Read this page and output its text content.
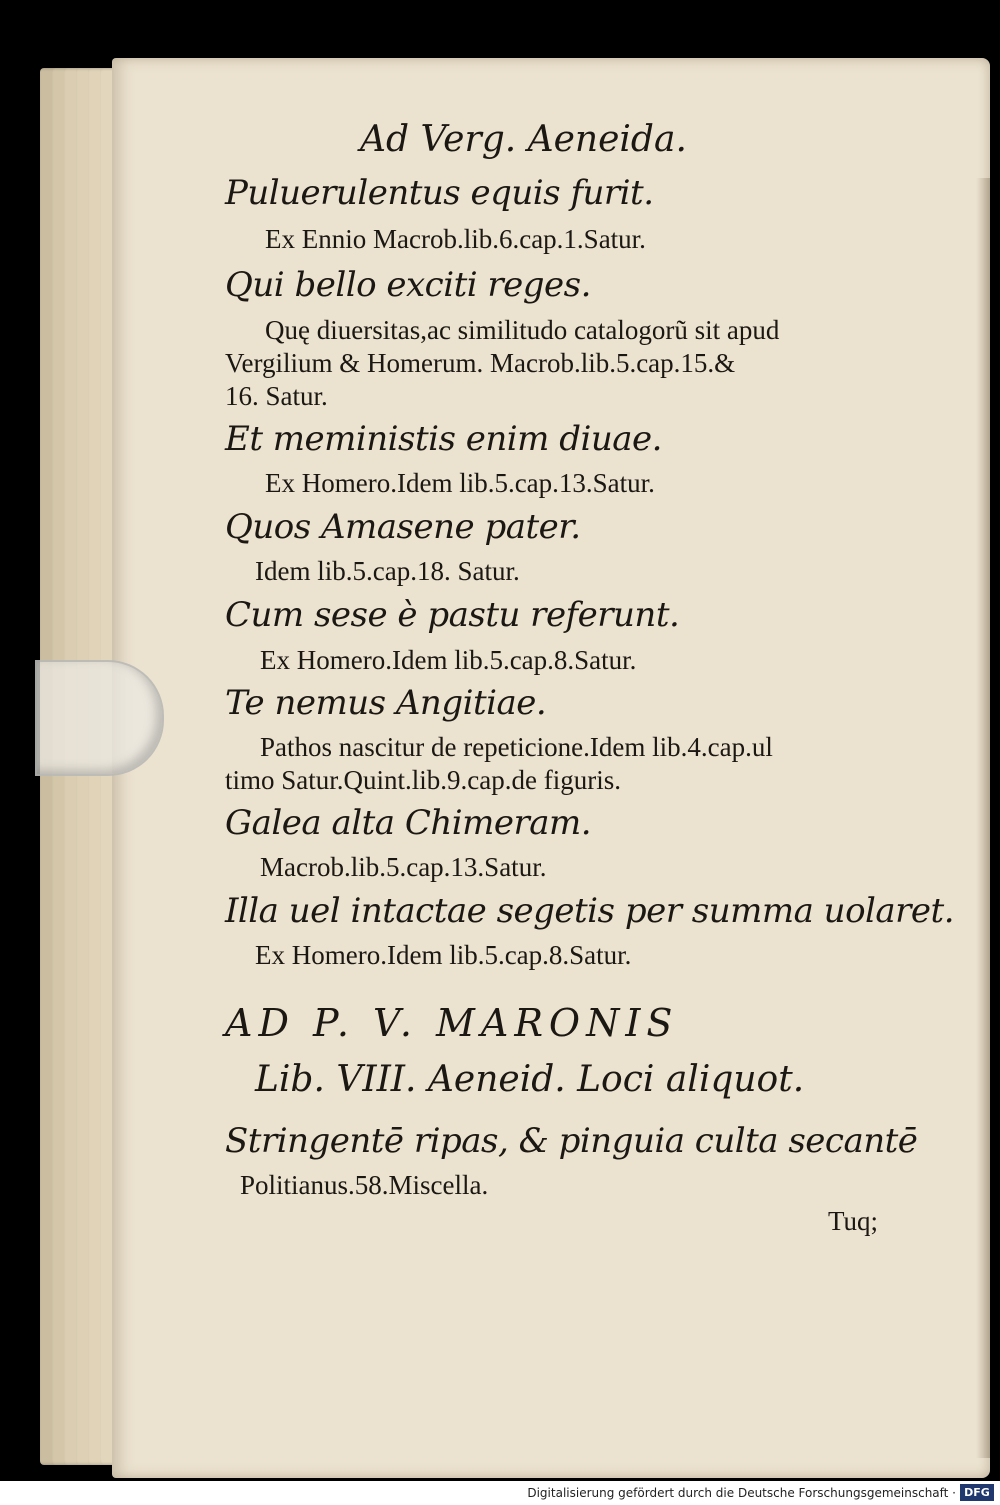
Ad Verg. Aeneida.
Puluerulentus equis furit.
Ex Ennio Macrob.lib.6.cap.1.Satur.
Qui bello exciti reges.
Quę diuersitas,ac similitudo catalogorũ sit apud
Vergilium & Homerum. Macrob.lib.5.cap.15.&
16. Satur.
Et meministis enim diuae.
Ex Homero.Idem lib.5.cap.13.Satur.
Quos Amasene pater.
Idem lib.5.cap.18. Satur.
Cum sese è pastu referunt.
Ex Homero.Idem lib.5.cap.8.Satur.
Te nemus Angitiae.
Pathos nascitur de repeticione.Idem lib.4.cap.ul
timo Satur.Quint.lib.9.cap.de figuris.
Galea alta Chimeram.
Macrob.lib.5.cap.13.Satur.
Illa uel intactae segetis per summa uolaret.
Ex Homero.Idem lib.5.cap.8.Satur.
AD P. V. MARONIS
Lib. VIII. Aeneid. Loci aliquot.
Stringentē ripas, & pinguia culta secantē
Politianus.58.Miscella.
Tuq;
Digitalisierung gefördert durch die Deutsche Forschungsgemeinschaft · DFG
